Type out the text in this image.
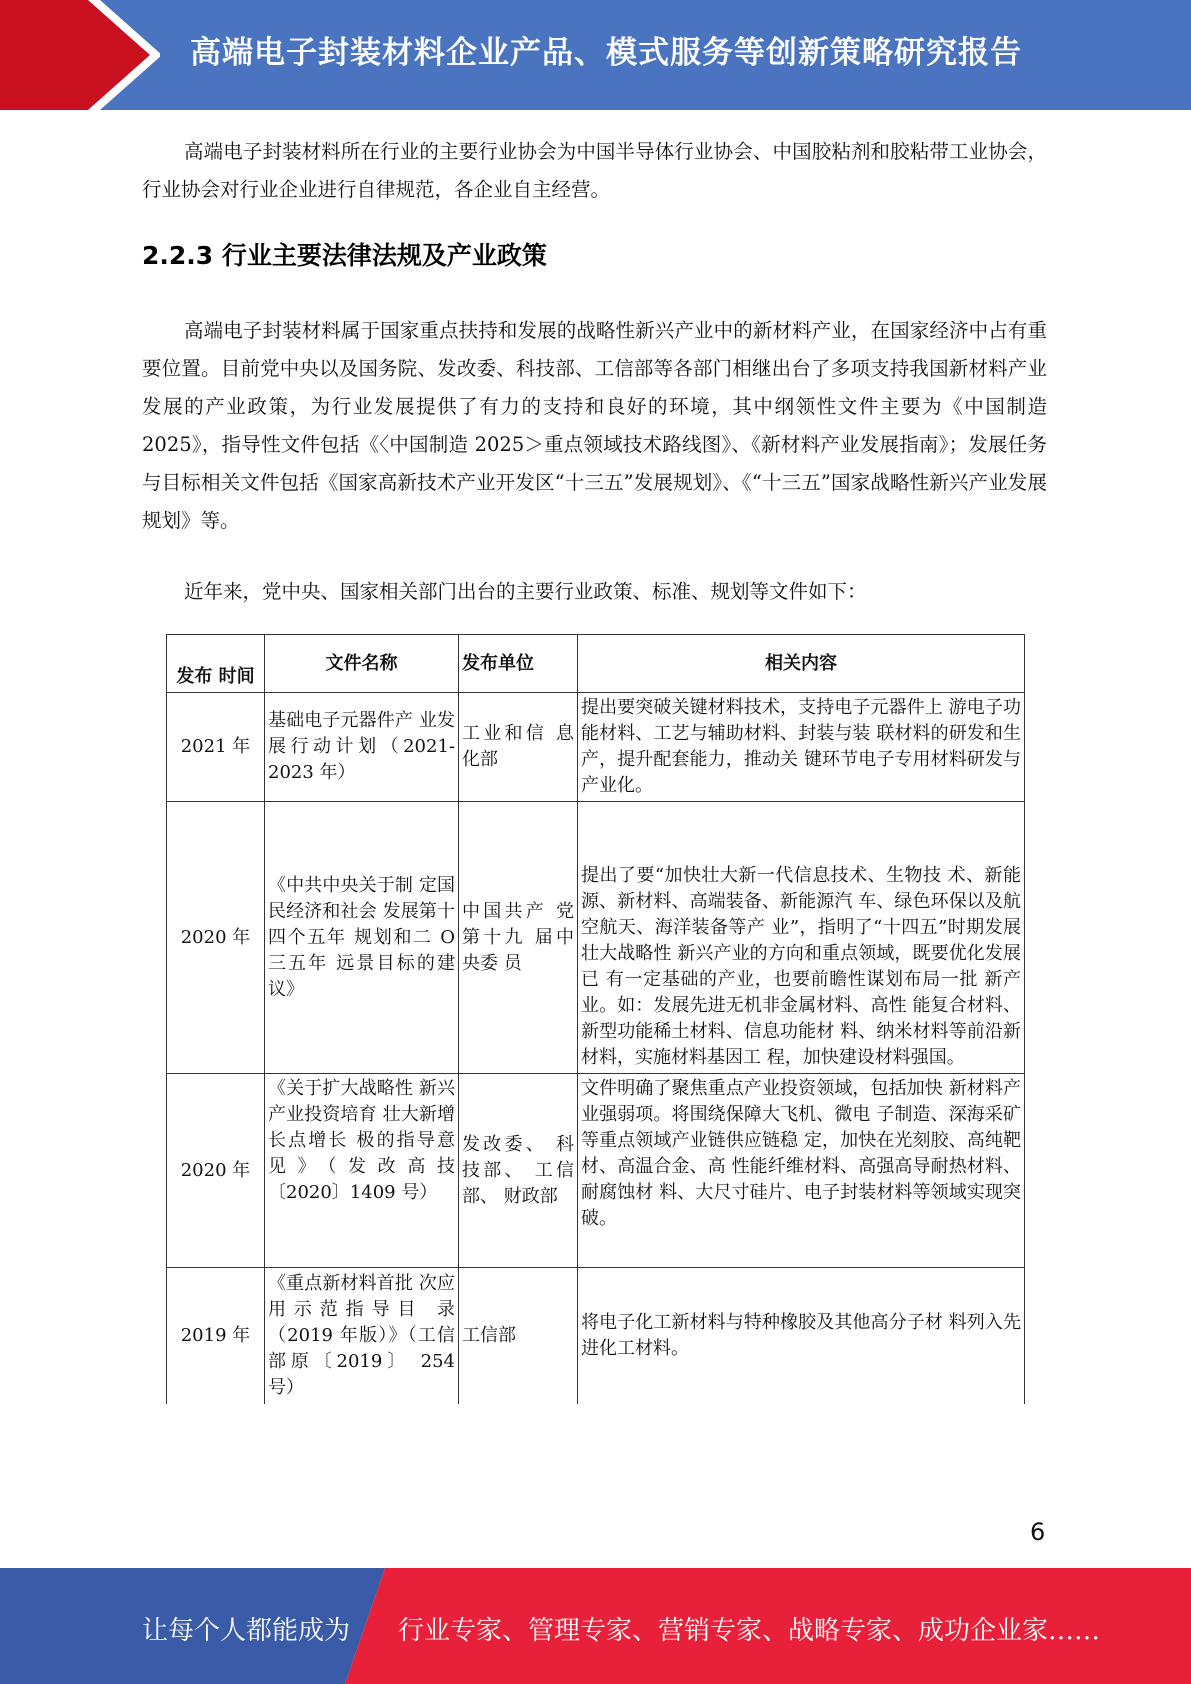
高端电子封装材料企业产品、模式服务等创新策略研究报告

高端电子封装材料所在行业的主要行业协会为中国半导体行业协会、中国胶粘剂和胶粘带工业协会，行业协会对行业企业进行自律规范，各企业自主经营。

2.2.3 行业主要法律法规及产业政策

高端电子封装材料属于国家重点扶持和发展的战略性新兴产业中的新材料产业，在国家经济中占有重要位置。目前党中央以及国务院、发改委、科技部、工信部等各部门相继出台了多项支持我国新材料产业发展的产业政策，为行业发展提供了有力的支持和良好的环境，其中纲领性文件主要为《中国制造 2025》，指导性文件包括《〈中国制造 2025＞重点领域技术路线图》、《新材料产业发展指南》；发展任务与目标相关文件包括《国家高新技术产业开发区“十三五”发展规划》、《“十三五”国家战略性新兴产业发展规划》等。

近年来，党中央、国家相关部门出台的主要行业政策、标准、规划等文件如下：

发布 时间	文件名称	发布单位	相关内容
2021 年	基础电子元器件产 业发展行动计划（2021-2023 年）	工业和信 息化部	提出要突破关键材料技术，支持电子元器件上 游电子功能材料、工艺与辅助材料、封装与装 联材料的研发和生产，提升配套能力，推动关 键环节电子专用材料研发与产业化。
2020 年	《中共中央关于制 定国民经济和社会 发展第十四个五年 规划和二 O 三五年 远景目标的建议》	中国共产 党第十九 届中央委 员	提出了要“加快壮大新一代信息技术、生物技 术、新能源、新材料、高端装备、新能源汽 车、绿色环保以及航空航天、海洋装备等产 业”，指明了“十四五”时期发展壮大战略性 新兴产业的方向和重点领域，既要优化发展已 有一定基础的产业，也要前瞻性谋划布局一批 新产业。如：发展先进无机非金属材料、高性 能复合材料、新型功能稀土材料、信息功能材 料、纳米材料等前沿新材料，实施材料基因工 程，加快建设材料强国。
2020 年	《关于扩大战略性 新兴产业投资培育 壮大新增长点增长 极的指导意见》（发改高技〔2020〕1409 号）	发改委、 科技部、 工信部、 财政部	文件明确了聚焦重点产业投资领域，包括加快 新材料产业强弱项。将围绕保障大飞机、微电 子制造、深海采矿等重点领域产业链供应链稳 定，加快在光刻胶、高纯靶材、高温合金、高 性能纤维材料、高强高导耐热材料、耐腐蚀材 料、大尺寸硅片、电子封装材料等领域实现突 破。
2019 年	《重点新材料首批 次应用示范指导目 录（2019 年版）》（工信部原〔2019〕 254 号）	工信部	将电子化工新材料与特种橡胶及其他高分子材 料列入先进化工材料。
6
让每个人都能成为 行业专家、管理专家、营销专家、战略专家、成功企业家……
